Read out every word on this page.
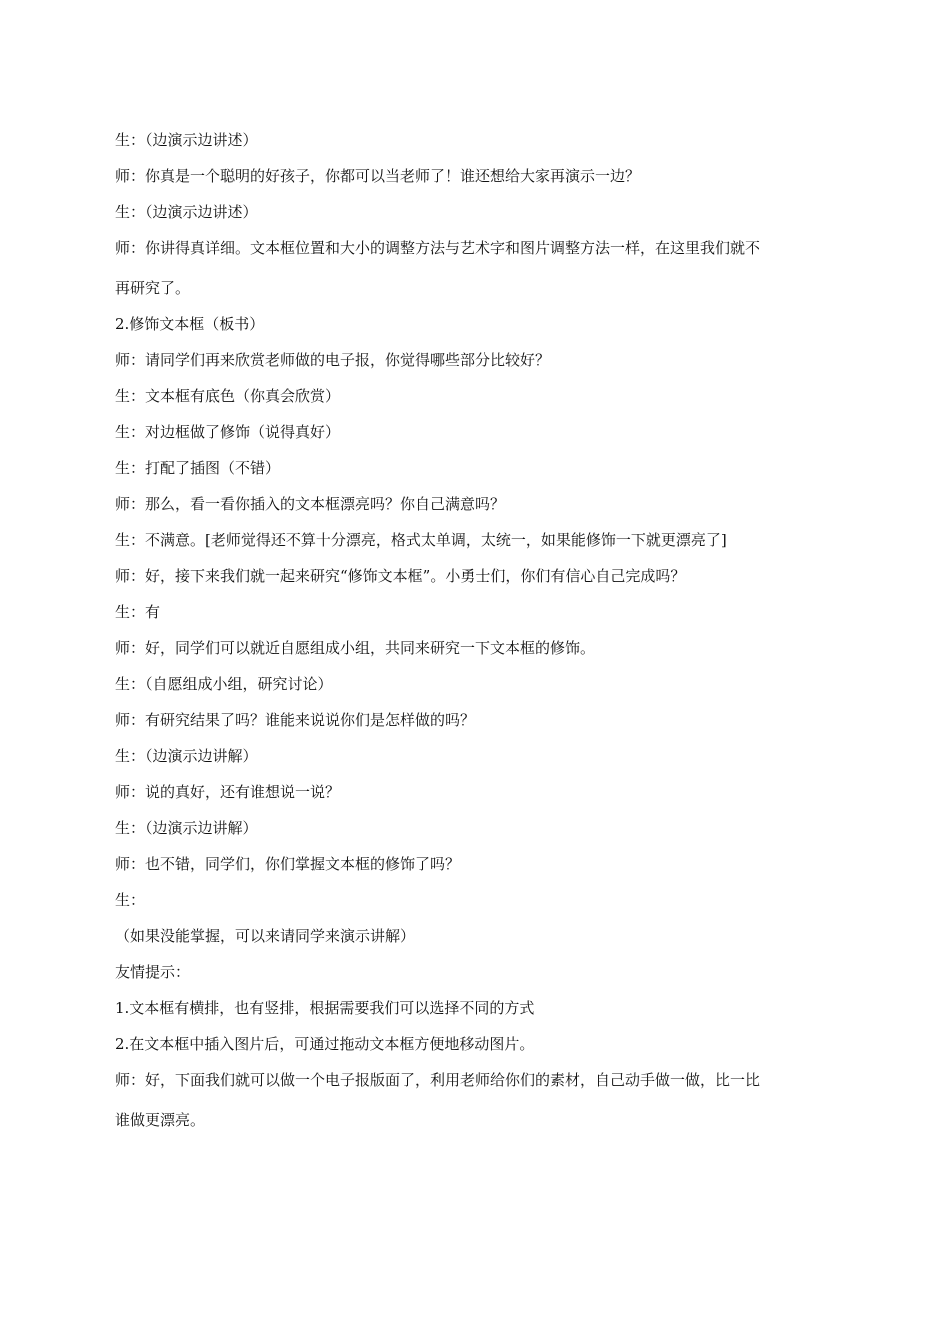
生：（边演示边讲述）
师：你真是一个聪明的好孩子，你都可以当老师了！谁还想给大家再演示一边？
生：（边演示边讲述）
师：你讲得真详细。文本框位置和大小的调整方法与艺术字和图片调整方法一样，在这里我们就不
再研究了。
2.修饰文本框（板书）
师：请同学们再来欣赏老师做的电子报，你觉得哪些部分比较好？
生：文本框有底色（你真会欣赏）
生：对边框做了修饰（说得真好）
生：打配了插图（不错）
师：那么，看一看你插入的文本框漂亮吗？你自己满意吗？
生：不满意。[老师觉得还不算十分漂亮，格式太单调，太统一，如果能修饰一下就更漂亮了]
师：好，接下来我们就一起来研究“修饰文本框”。小勇士们，你们有信心自己完成吗？
生：有
师：好，同学们可以就近自愿组成小组，共同来研究一下文本框的修饰。
生：（自愿组成小组，研究讨论）
师：有研究结果了吗？谁能来说说你们是怎样做的吗？
生：（边演示边讲解）
师：说的真好，还有谁想说一说？
生：（边演示边讲解）
师：也不错，同学们，你们掌握文本框的修饰了吗？
生：
（如果没能掌握，可以来请同学来演示讲解）
友情提示：
1.文本框有横排，也有竖排，根据需要我们可以选择不同的方式
2.在文本框中插入图片后，可通过拖动文本框方便地移动图片。
师：好，下面我们就可以做一个电子报版面了，利用老师给你们的素材，自己动手做一做，比一比
谁做更漂亮。
